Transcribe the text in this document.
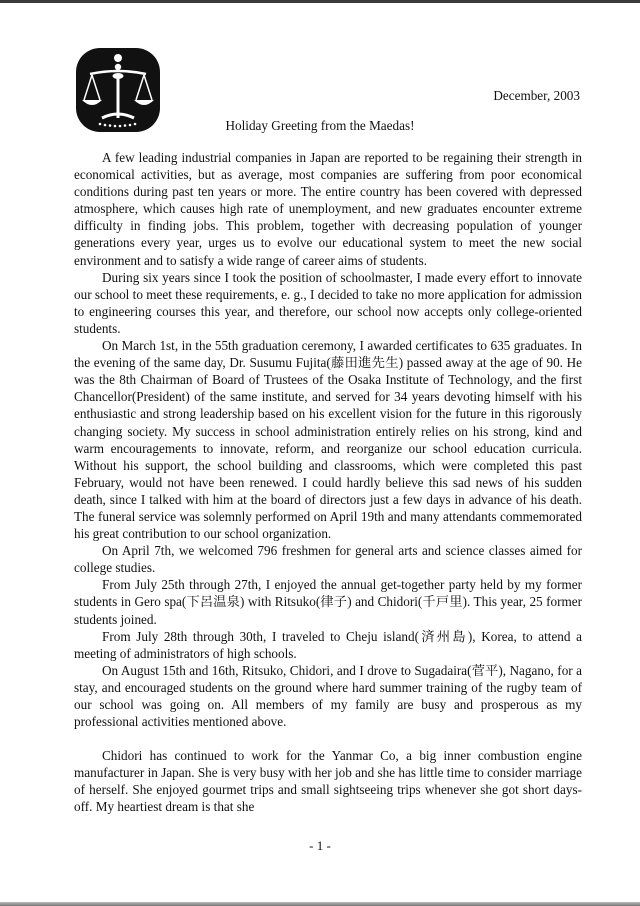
December, 2003
Holiday Greeting from the Maedas!

A few leading industrial companies in Japan are reported to be regaining their strength in economical activities, but as average, most companies are suffering from poor economical conditions during past ten years or more. The entire country has been covered with depressed atmosphere, which causes high rate of unemployment, and new graduates encounter extreme difficulty in finding jobs. This problem, together with decreasing population of younger generations every year, urges us to evolve our educational system to meet the new social environment and to satisfy a wide range of career aims of students.

During six years since I took the position of schoolmaster, I made every effort to innovate our school to meet these requirements, e. g., I decided to take no more application for admission to engineering courses this year, and therefore, our school now accepts only college-oriented students.

On March 1st, in the 55th graduation ceremony, I awarded certificates to 635 graduates. In the evening of the same day, Dr. Susumu Fujita(藤田進先生) passed away at the age of 90. He was the 8th Chairman of Board of Trustees of the Osaka Institute of Technology, and the first Chancellor(President) of the same institute, and served for 34 years devoting himself with his enthusiastic and strong leadership based on his excellent vision for the future in this rigorously changing society. My success in school administration entirely relies on his strong, kind and warm encouragements to innovate, reform, and reorganize our school education curricula. Without his support, the school building and classrooms, which were completed this past February, would not have been renewed. I could hardly believe this sad news of his sudden death, since I talked with him at the board of directors just a few days in advance of his death. The funeral service was solemnly performed on April 19th and many attendants commemorated his great contribution to our school organization.

On April 7th, we welcomed 796 freshmen for general arts and science classes aimed for college studies.

From July 25th through 27th, I enjoyed the annual get-together party held by my former students in Gero spa(下呂温泉) with Ritsuko(律子) and Chidori(千戸里). This year, 25 former students joined.

From July 28th through 30th, I traveled to Cheju island(済州島), Korea, to attend a meeting of administrators of high schools.

On August 15th and 16th, Ritsuko, Chidori, and I drove to Sugadaira(菅平), Nagano, for a stay, and encouraged students on the ground where hard summer training of the rugby team of our school was going on. All members of my family are busy and prosperous as my professional activities mentioned above.

Chidori has continued to work for the Yanmar Co, a big inner combustion engine manufacturer in Japan. She is very busy with her job and she has little time to consider marriage of herself. She enjoyed gourmet trips and small sightseeing trips whenever she got short days-off. My heartiest dream is that she

- 1 -
